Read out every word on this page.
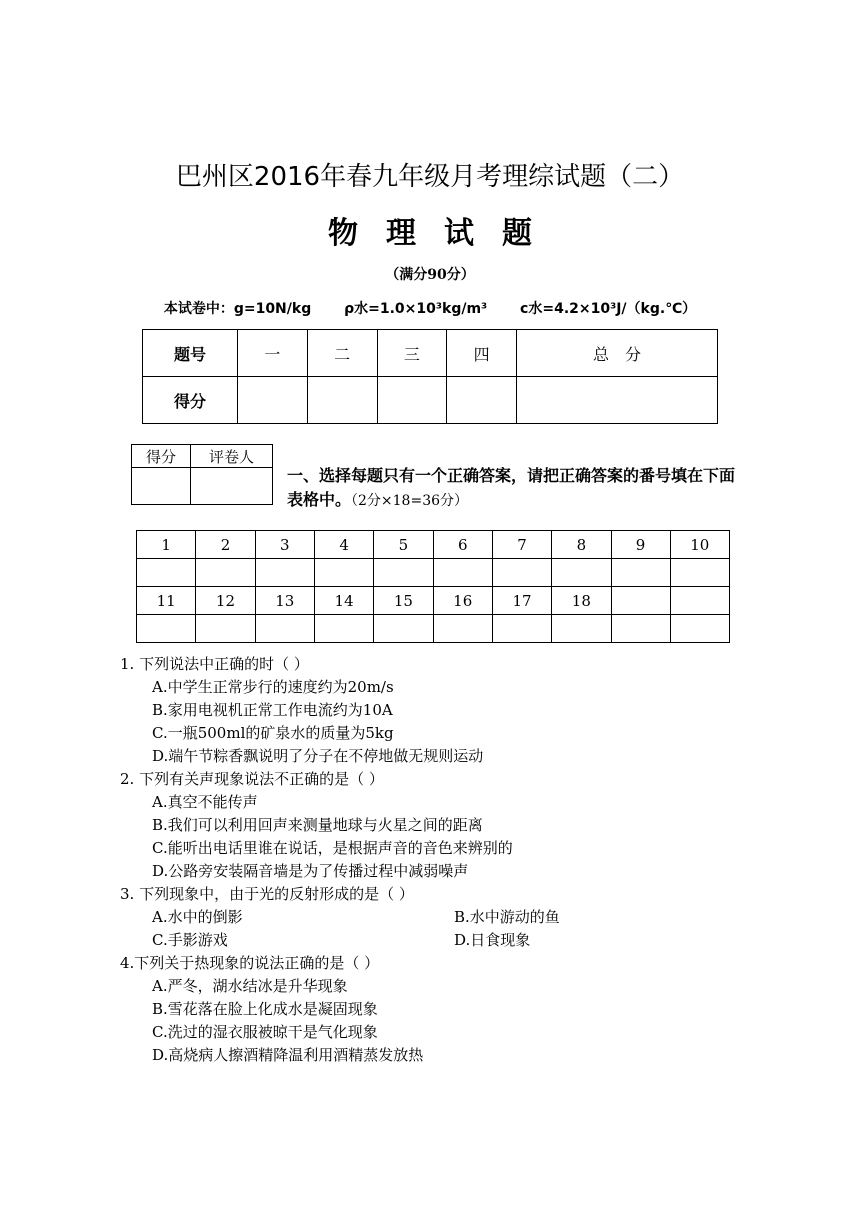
巴州区2016年春九年级月考理综试题（二）
物理试题
（满分90分）
本试卷中：g=10N/kg ρ水=1.0×10³kg/m³ c水=4.2×10³J/（kg.℃）
题号	一	二	三	四	总　分
得分					
得分	评卷人

一、选择每题只有一个正确答案，请把正确答案的番号填在下面表格中。（2分×18=36分）
1	2	3	4	5	6	7	8	9	10

11	12	13	14	15	16	17	18		

1. 下列说法中正确的时（ ）
A.中学生正常步行的速度约为20m/s
B.家用电视机正常工作电流约为10A
C.一瓶500ml的矿泉水的质量为5kg
D.端午节粽香飘说明了分子在不停地做无规则运动
2. 下列有关声现象说法不正确的是（ ）
A.真空不能传声
B.我们可以利用回声来测量地球与火星之间的距离
C.能听出电话里谁在说话，是根据声音的音色来辨别的
D.公路旁安装隔音墙是为了传播过程中减弱噪声
3. 下列现象中，由于光的反射形成的是（ ）
A.水中的倒影	B.水中游动的鱼
C.手影游戏	D.日食现象
4.下列关于热现象的说法正确的是（ ）
A.严冬，湖水结冰是升华现象
B.雪花落在脸上化成水是凝固现象
C.洗过的湿衣服被晾干是气化现象
D.高烧病人擦酒精降温利用酒精蒸发放热
